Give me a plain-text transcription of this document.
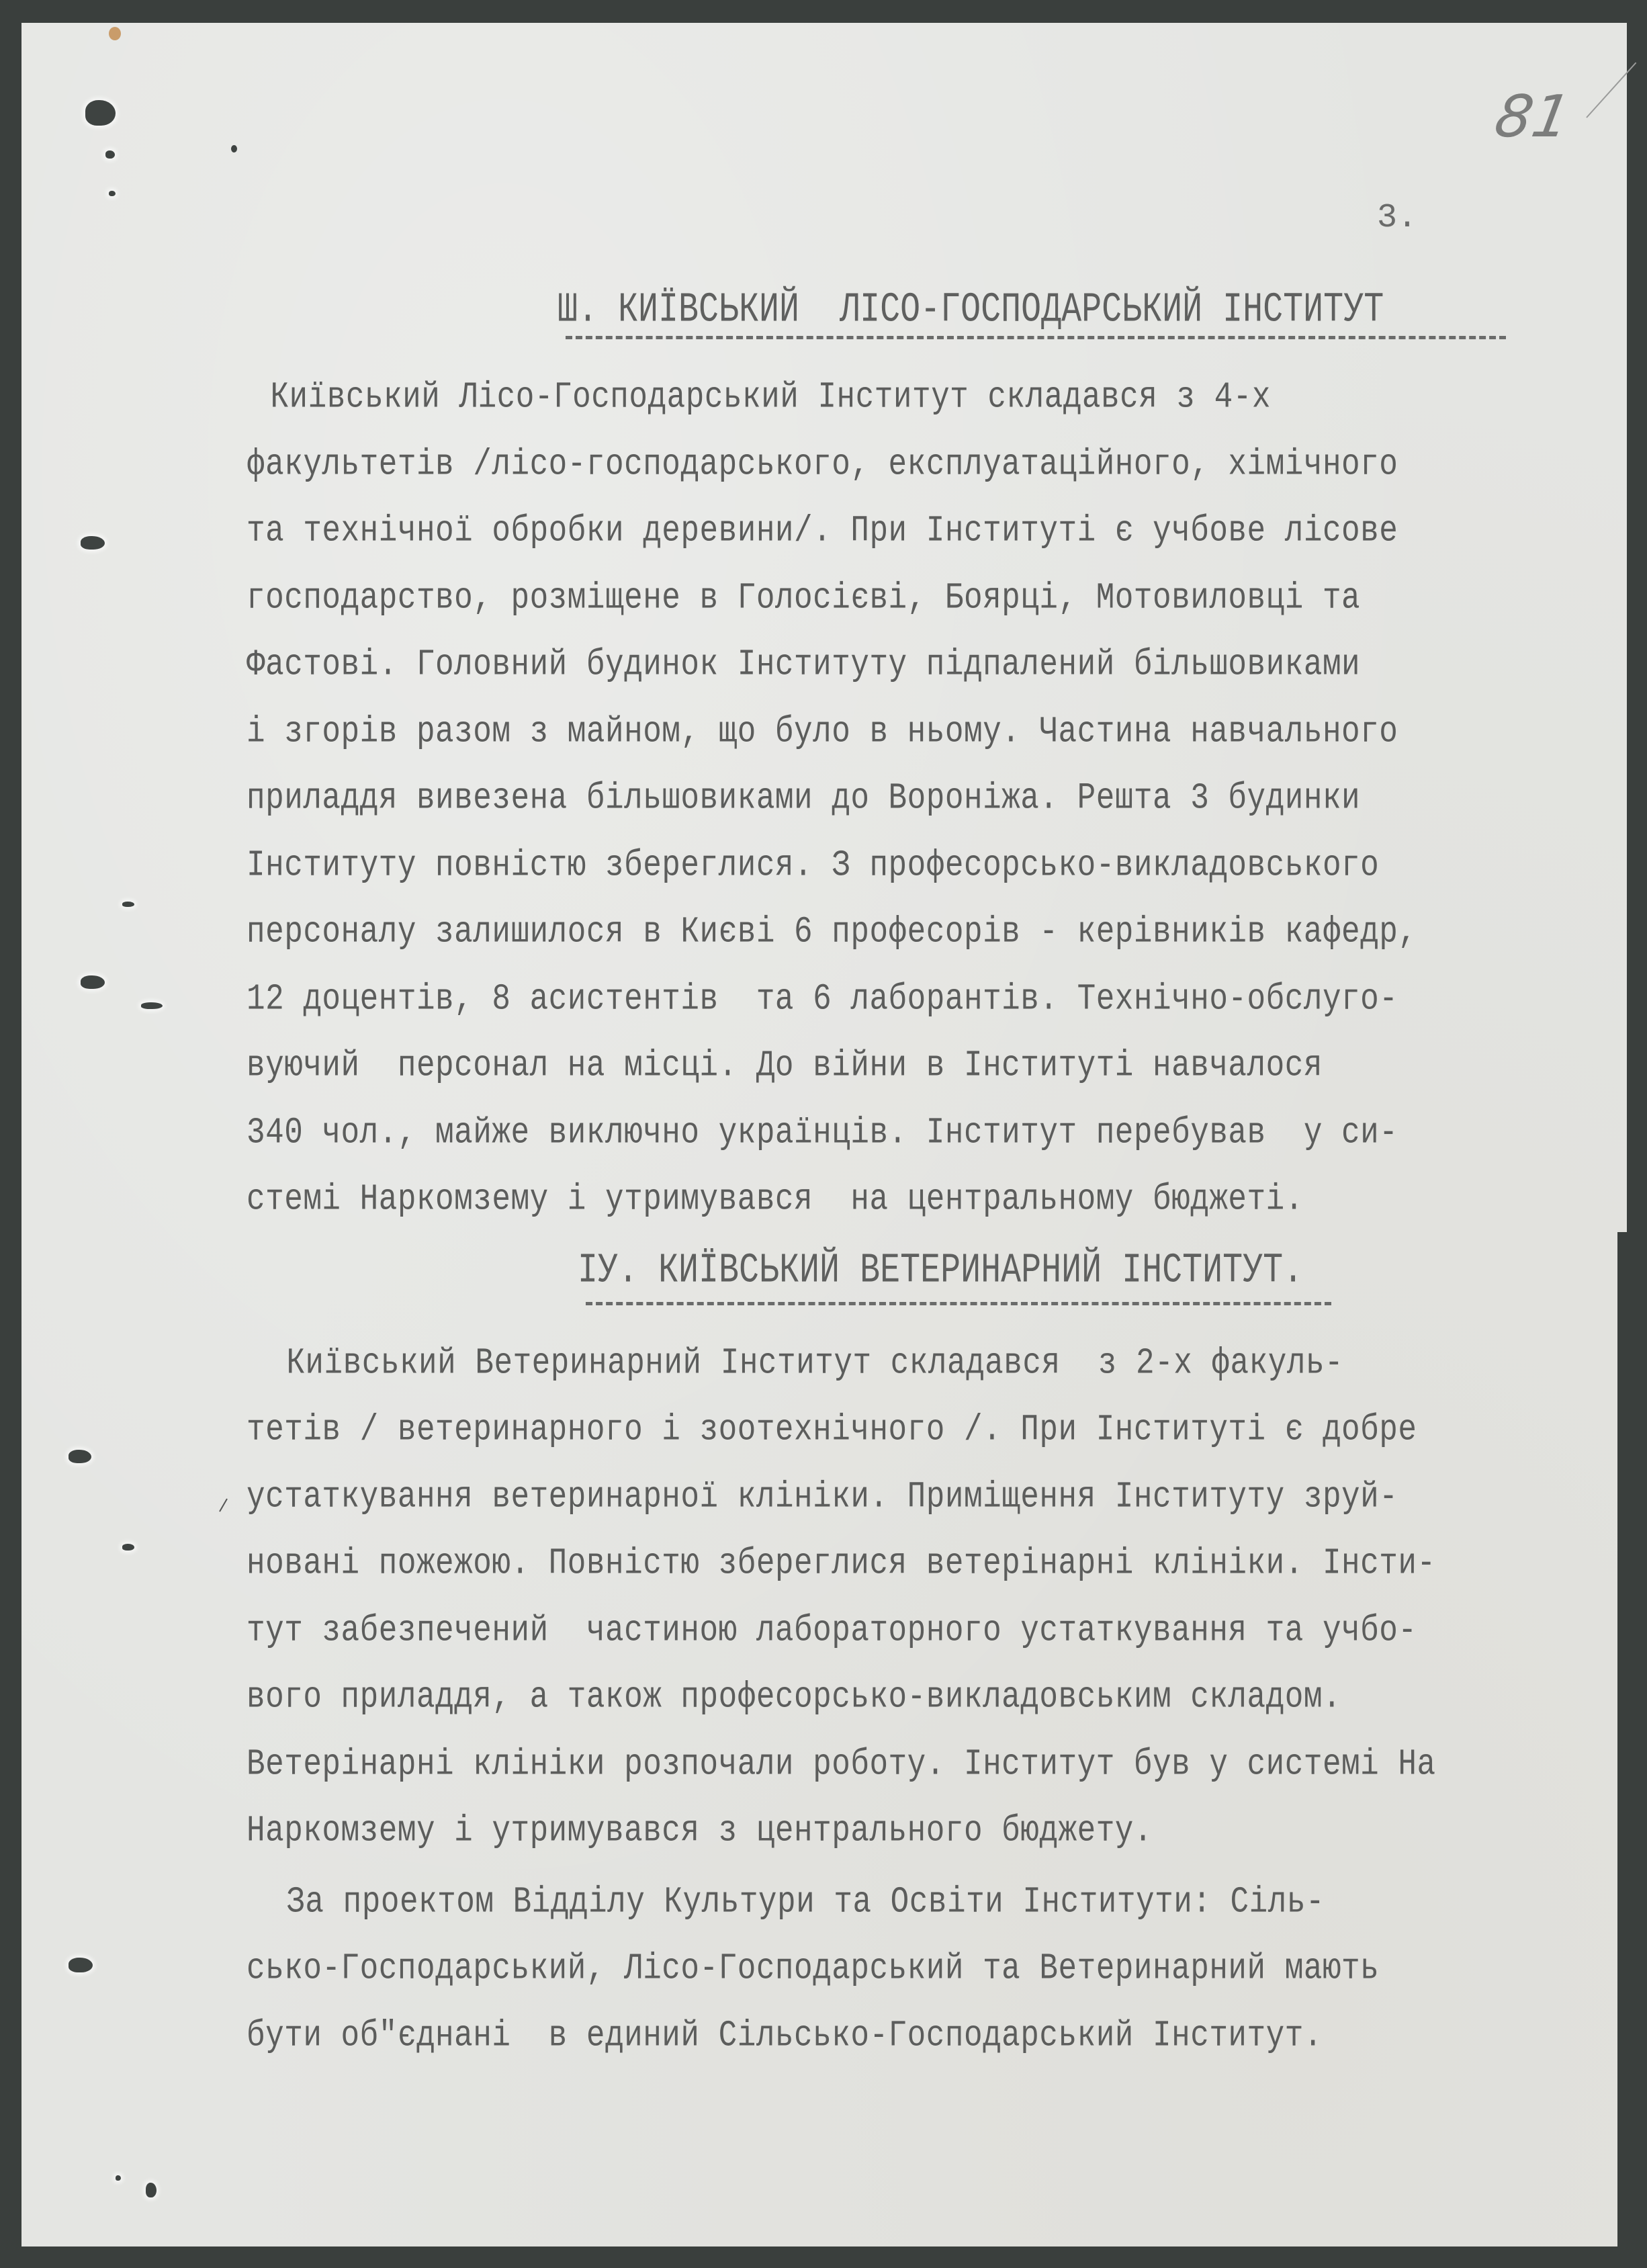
81
3.
Ш. КИЇВСЬКИЙ  ЛІСО-ГОСПОДАРСЬКИЙ ІНСТИТУТ
Київський Лісо-Господарський Інститут складався з 4-х
факультетів /лісо-господарського, експлуатаційного, хімічного
та технічної обробки деревини/. При Інституті є учбове лісове
господарство, розміщене в Голосієві, Боярці, Мотовиловці та
Фастові. Головний будинок Інституту підпалений більшовиками
і згорів разом з майном, що було в ньому. Частина навчального
приладдя вивезена більшовиками до Вороніжа. Решта 3 будинки
Інституту повністю збереглися. З професорсько-викладовського
персоналу залишилося в Києві 6 професорів - керівників кафедр,
12 доцентів, 8 асистентів  та 6 лаборантів. Технічно-обслуго-
вуючий  персонал на місці. До війни в Інституті навчалося
340 чол., майже виключно українців. Інститут перебував  у си-
стемі Наркомзему і утримувався  на центральному бюджеті.
ІУ. КИЇВСЬКИЙ ВЕТЕРИНАРНИЙ ІНСТИТУТ.
Київський Ветеринарний Інститут складався  з 2-х факуль-
тетів / ветеринарного і зоотехнічного /. При Інституті є добре
устаткування ветеринарної клініки. Приміщення Інституту зруй-
новані пожежою. Повністю збереглися ветерінарні клініки. Інсти-
тут забезпечений  частиною лабораторного устаткування та учбо-
вого приладдя, а також професорсько-викладовським складом.
Ветерінарні клініки розпочали роботу. Інститут був у системі На
Наркомзему і утримувався з центрального бюджету.
За проектом Відділу Культури та Освіти Інститути: Сіль-
сько-Господарський, Лісо-Господарський та Ветеринарний мають
бути об"єднані  в единий Сільсько-Господарський Інститут.
